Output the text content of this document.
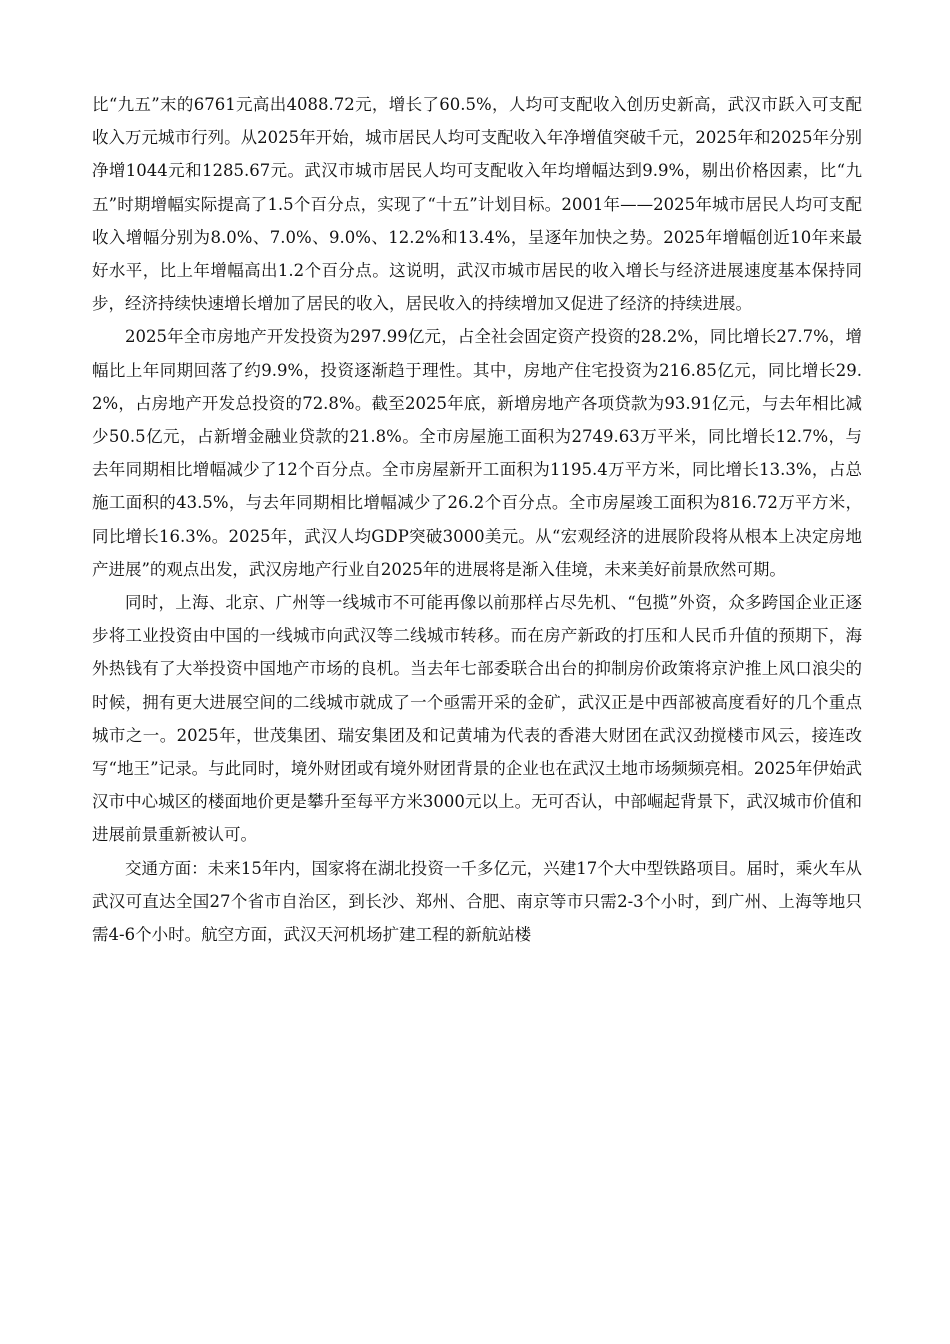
比“九五”末的6761元高出4088.72元，增长了60.5%，人均可支配收入创历史新高，武汉市跃入可支配收入万元城市行列。从2025年开始，城市居民人均可支配收入年净增值突破千元，2025年和2025年分别净增1044元和1285.67元。武汉市城市居民人均可支配收入年均增幅达到9.9%，剔出价格因素，比“九五”时期增幅实际提高了1.5个百分点，实现了“十五”计划目标。2001年——2025年城市居民人均可支配收入增幅分别为8.0%、7.0%、9.0%、12.2%和13.4%，呈逐年加快之势。2025年增幅创近10年来最好水平，比上年增幅高出1.2个百分点。这说明，武汉市城市居民的收入增长与经济进展速度基本保持同步，经济持续快速增长增加了居民的收入，居民收入的持续增加又促进了经济的持续进展。

2025年全市房地产开发投资为297.99亿元，占全社会固定资产投资的28.2%，同比增长27.7%，增幅比上年同期回落了约9.9%，投资逐渐趋于理性。其中，房地产住宅投资为216.85亿元，同比增长29.2%，占房地产开发总投资的72.8%。截至2025年底，新增房地产各项贷款为93.91亿元，与去年相比减少50.5亿元，占新增金融业贷款的21.8%。全市房屋施工面积为2749.63万平米，同比增长12.7%，与去年同期相比增幅减少了12个百分点。全市房屋新开工面积为1195.4万平方米，同比增长13.3%，占总施工面积的43.5%，与去年同期相比增幅减少了26.2个百分点。全市房屋竣工面积为816.72万平方米，同比增长16.3%。2025年，武汉人均GDP突破3000美元。从“宏观经济的进展阶段将从根本上决定房地产进展”的观点出发，武汉房地产行业自2025年的进展将是渐入佳境，未来美好前景欣然可期。

同时，上海、北京、广州等一线城市不可能再像以前那样占尽先机、“包揽”外资，众多跨国企业正逐步将工业投资由中国的一线城市向武汉等二线城市转移。而在房产新政的打压和人民币升值的预期下，海外热钱有了大举投资中国地产市场的良机。当去年七部委联合出台的抑制房价政策将京沪推上风口浪尖的时候，拥有更大进展空间的二线城市就成了一个亟需开采的金矿，武汉正是中西部被高度看好的几个重点城市之一。2025年，世茂集团、瑞安集团及和记黄埔为代表的香港大财团在武汉劲搅楼市风云，接连改写“地王”记录。与此同时，境外财团或有境外财团背景的企业也在武汉土地市场频频亮相。2025年伊始武汉市中心城区的楼面地价更是攀升至每平方米3000元以上。无可否认，中部崛起背景下，武汉城市价值和进展前景重新被认可。

交通方面：未来15年内，国家将在湖北投资一千多亿元，兴建17个大中型铁路项目。届时，乘火车从武汉可直达全国27个省市自治区，到长沙、郑州、合肥、南京等市只需2-3个小时，到广州、上海等地只需4-6个小时。航空方面，武汉天河机场扩建工程的新航站楼
